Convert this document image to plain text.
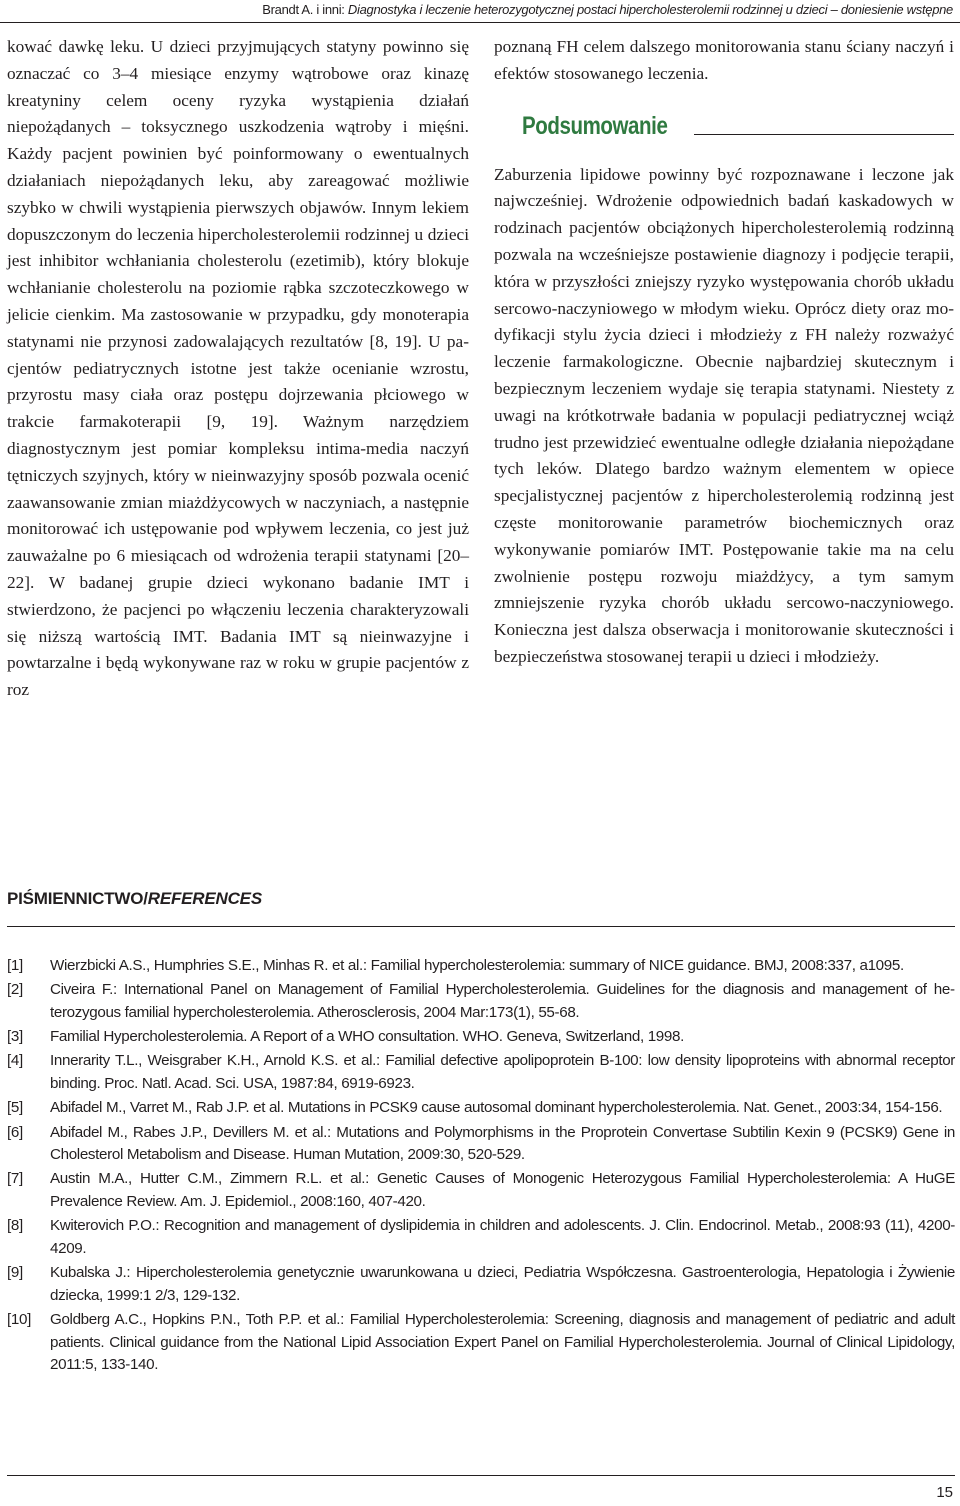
Brandt A. i inni: Diagnostyka i leczenie heterozygotycznej postaci hipercholesterolemii rodzinnej u dzieci – doniesienie wstępne

kować dawkę leku. U dzieci przyjmujących statyny powinno się oznaczać co 3–4 miesiące enzymy wątrobowe oraz kinazę kreatyniny celem oceny ryzyka wystąpienia działań niepożądanych – toksycznego uszkodzenia wątroby i mięśni. Każdy pacjent powinien być poinformowany o ewentualnych działaniach niepożądanych leku, aby zareagować możliwie szybko w chwili wystąpienia pierwszych objawów. Innym lekiem dopuszczonym do leczenia hipercholesterolemii rodzinnej u dzieci jest inhibitor wchłaniania cholesterolu (ezetimib), który blokuje wchłanianie cholesterolu na poziomie rąbka szczoteczkowego w jelicie cienkim. Ma zastosowanie w przypadku, gdy monoterapia statynami nie przynosi zadowalających rezultatów [8, 19]. U pacjentów pediatrycznych istotne jest także ocenianie wzrostu, przyrostu masy ciała oraz postępu dojrzewania płciowego w trakcie farmakoterapii [9, 19]. Ważnym narzędziem diagnostycznym jest pomiar kompleksu intima-media naczyń tętniczych szyjnych, który w nieinwazyjny sposób pozwala ocenić zaawansowanie zmian miażdżycowych w naczyniach, a następnie monitorować ich ustępowanie pod wpływem leczenia, co jest już zauważalne po 6 miesiącach od wdrożenia terapii statynami [20–22]. W badanej grupie dzieci wykonano badanie IMT i stwierdzono, że pacjenci po włączeniu leczenia charakteryzowali się niższą wartością IMT. Badania IMT są nieinwazyjne i powtarzalne i będą wykonywane raz w roku w grupie pacjentów z roz

poznaną FH celem dalszego monitorowania stanu ściany naczyń i efektów stosowanego leczenia.

Podsumowanie

Zaburzenia lipidowe powinny być rozpoznawane i leczone jak najwcześniej. Wdrożenie odpowiednich badań kaskadowych w rodzinach pacjentów obciążonych hipercholesterolemią rodzinną pozwala na wcześniejsze postawienie diagnozy i podjęcie terapii, która w przyszłości zniejszy ryzyko występowania chorób układu sercowo-naczyniowego w młodym wieku. Oprócz diety oraz modyfikacji stylu życia dzieci i młodzieży z FH należy rozważyć leczenie farmakologiczne. Obecnie najbardziej skutecznym i bezpiecznym leczeniem wydaje się terapia statynami. Niestety z uwagi na krótkotrwałe badania w populacji pediatrycznej wciąż trudno jest przewidzieć ewentualne odległe działania niepożądane tych leków. Dlatego bardzo ważnym elementem w opiece specjalistycznej pacjentów z hipercholesterolemią rodzinną jest częste monitorowanie parametrów biochemicznych oraz wykonywanie pomiarów IMT. Postępowanie takie ma na celu zwolnienie postępu rozwoju miażdżycy, a tym samym zmniejszenie ryzyka chorób układu sercowo-naczyniowego. Konieczna jest dalsza obserwacja i monitorowanie skuteczności i bezpieczeństwa stosowanej terapii u dzieci i młodzieży.

PIŚMIENNICTWO/REFERENCES
[1] Wierzbicki A.S., Humphries S.E., Minhas R. et al.: Familial hypercholesterolemia: summary of NICE guidance. BMJ, 2008:337, a1095.
[2] Civeira F.: International Panel on Management of Familial Hypercholesterolemia. Guidelines for the diagnosis and management of heterozygous familial hypercholesterolemia. Atherosclerosis, 2004 Mar:173(1), 55-68.
[3] Familial Hypercholesterolemia. A Report of a WHO consultation. WHO. Geneva, Switzerland, 1998.
[4] Innerarity T.L., Weisgraber K.H., Arnold K.S. et al.: Familial defective apolipoprotein B-100: low density lipoproteins with abnormal receptor binding. Proc. Natl. Acad. Sci. USA, 1987:84, 6919-6923.
[5] Abifadel M., Varret M., Rab J.P. et al. Mutations in PCSK9 cause autosomal dominant hypercholesterolemia. Nat. Genet., 2003:34, 154-156.
[6] Abifadel M., Rabes J.P., Devillers M. et al.: Mutations and Polymorphisms in the Proprotein Convertase Subtilin Kexin 9 (PCSK9) Gene in Cholesterol Metabolism and Disease. Human Mutation, 2009:30, 520-529.
[7] Austin M.A., Hutter C.M., Zimmern R.L. et al.: Genetic Causes of Monogenic Heterozygous Familial Hypercholesterolemia: A HuGE Prevalence Review. Am. J. Epidemiol., 2008:160, 407-420.
[8] Kwiterovich P.O.: Recognition and management of dyslipidemia in children and adolescents. J. Clin. Endocrinol. Metab., 2008:93 (11), 4200-4209.
[9] Kubalska J.: Hipercholesterolemia genetycznie uwarunkowana u dzieci, Pediatria Współczesna. Gastroenterologia, Hepatologia i Żywienie dziecka, 1999:1 2/3, 129-132.
[10] Goldberg A.C., Hopkins P.N., Toth P.P. et al.: Familial Hypercholesterolemia: Screening, diagnosis and management of pediatric and adult patients. Clinical guidance from the National Lipid Association Expert Panel on Familial Hypercholesterolemia. Journal of Clinical Lipidology, 2011:5, 133-140.
15
